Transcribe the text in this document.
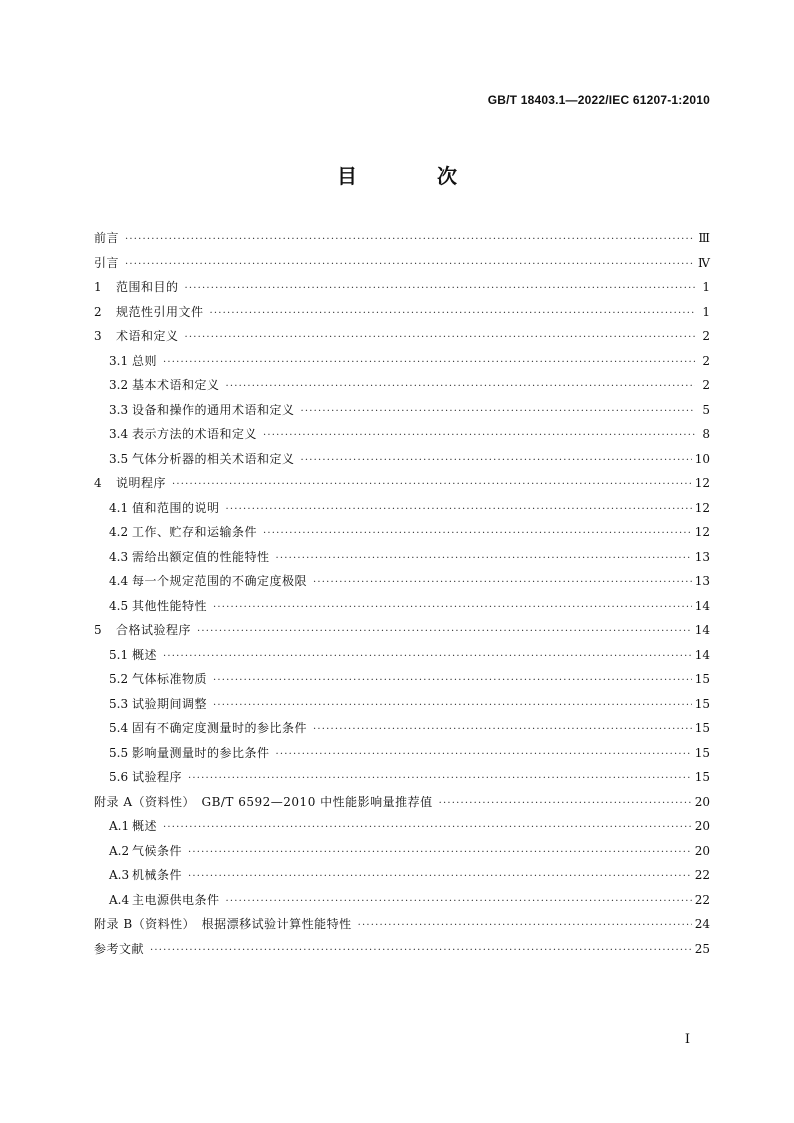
GB/T 18403.1—2022/IEC 61207-1:2010
目　次
前言 ·····	Ⅲ
引言 ·····	Ⅳ
1	范围和目的 ·····	1
2	规范性引用文件 ·····	1
3	术语和定义 ·····	2
3.1 总则 ·····	2
3.2 基本术语和定义 ·····	2
3.3 设备和操作的通用术语和定义 ·····	5
3.4 表示方法的术语和定义 ·····	8
3.5 气体分析器的相关术语和定义 ·····	10
4	说明程序 ·····	12
4.1 值和范围的说明 ·····	12
4.2 工作、贮存和运输条件 ·····	12
4.3 需给出额定值的性能特性 ·····	13
4.4 每一个规定范围的不确定度极限 ·····	13
4.5 其他性能特性 ·····	14
5	合格试验程序 ·····	14
5.1 概述 ·····	14
5.2 气体标准物质 ·····	15
5.3 试验期间调整 ·····	15
5.4 固有不确定度测量时的参比条件 ·····	15
5.5 影响量测量时的参比条件 ·····	15
5.6 试验程序 ·····	15
附录 A（资料性）　GB/T 6592—2010 中性能影响量推荐值 ·····	20
A.1 概述 ·····	20
A.2 气候条件 ·····	20
A.3 机械条件 ·····	22
A.4 主电源供电条件 ·····	22
附录 B（资料性）　根据漂移试验计算性能特性 ·····	24
参考文献 ·····	25
I
